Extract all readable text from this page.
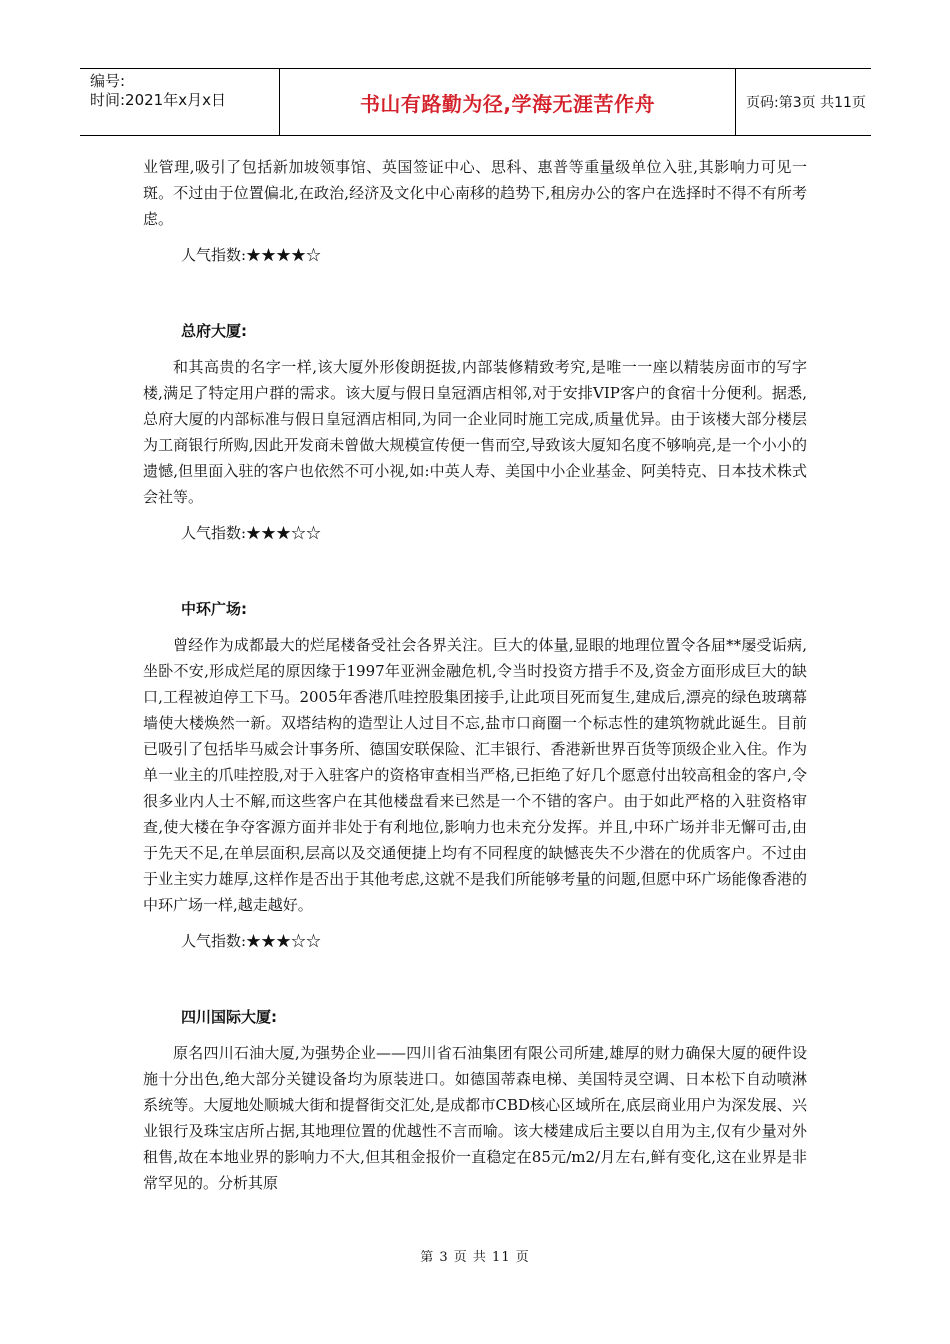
编号:
时间:2021年x月x日	书山有路勤为径,学海无涯苦作舟	页码:第3页 共11页

业管理,吸引了包括新加坡领事馆、英国签证中心、思科、惠普等重量级单位入驻,其影响力可见一斑。不过由于位置偏北,在政治,经济及文化中心南移的趋势下,租房办公的客户在选择时不得不有所考虑。

人气指数:★★★★☆

总府大厦:

和其高贵的名字一样,该大厦外形俊朗挺拔,内部装修精致考究,是唯一一座以精装房面市的写字楼,满足了特定用户群的需求。该大厦与假日皇冠酒店相邻,对于安排VIP客户的食宿十分便利。据悉,总府大厦的内部标准与假日皇冠酒店相同,为同一企业同时施工完成,质量优异。由于该楼大部分楼层为工商银行所购,因此开发商未曾做大规模宣传便一售而空,导致该大厦知名度不够响亮,是一个小小的遗憾,但里面入驻的客户也依然不可小视,如:中英人寿、美国中小企业基金、阿美特克、日本技术株式会社等。

人气指数:★★★☆☆

中环广场:

曾经作为成都最大的烂尾楼备受社会各界关注。巨大的体量,显眼的地理位置令各届**屡受诟病,坐卧不安,形成烂尾的原因缘于1997年亚洲金融危机,令当时投资方措手不及,资金方面形成巨大的缺口,工程被迫停工下马。2005年香港爪哇控股集团接手,让此项目死而复生,建成后,漂亮的绿色玻璃幕墙使大楼焕然一新。双塔结构的造型让人过目不忘,盐市口商圈一个标志性的建筑物就此诞生。目前已吸引了包括毕马威会计事务所、德国安联保险、汇丰银行、香港新世界百货等顶级企业入住。作为单一业主的爪哇控股,对于入驻客户的资格审查相当严格,已拒绝了好几个愿意付出较高租金的客户,令很多业内人士不解,而这些客户在其他楼盘看来已然是一个不错的客户。由于如此严格的入驻资格审查,使大楼在争夺客源方面并非处于有利地位,影响力也未充分发挥。并且,中环广场并非无懈可击,由于先天不足,在单层面积,层高以及交通便捷上均有不同程度的缺憾丧失不少潜在的优质客户。不过由于业主实力雄厚,这样作是否出于其他考虑,这就不是我们所能够考量的问题,但愿中环广场能像香港的中环广场一样,越走越好。

人气指数:★★★☆☆

四川国际大厦:

原名四川石油大厦,为强势企业——四川省石油集团有限公司所建,雄厚的财力确保大厦的硬件设施十分出色,绝大部分关键设备均为原装进口。如德国蒂森电梯、美国特灵空调、日本松下自动喷淋系统等。大厦地处顺城大街和提督街交汇处,是成都市CBD核心区域所在,底层商业用户为深发展、兴业银行及珠宝店所占据,其地理位置的优越性不言而喻。该大楼建成后主要以自用为主,仅有少量对外租售,故在本地业界的影响力不大,但其租金报价一直稳定在85元/m2/月左右,鲜有变化,这在业界是非常罕见的。分析其原

第 3 页 共 11 页
